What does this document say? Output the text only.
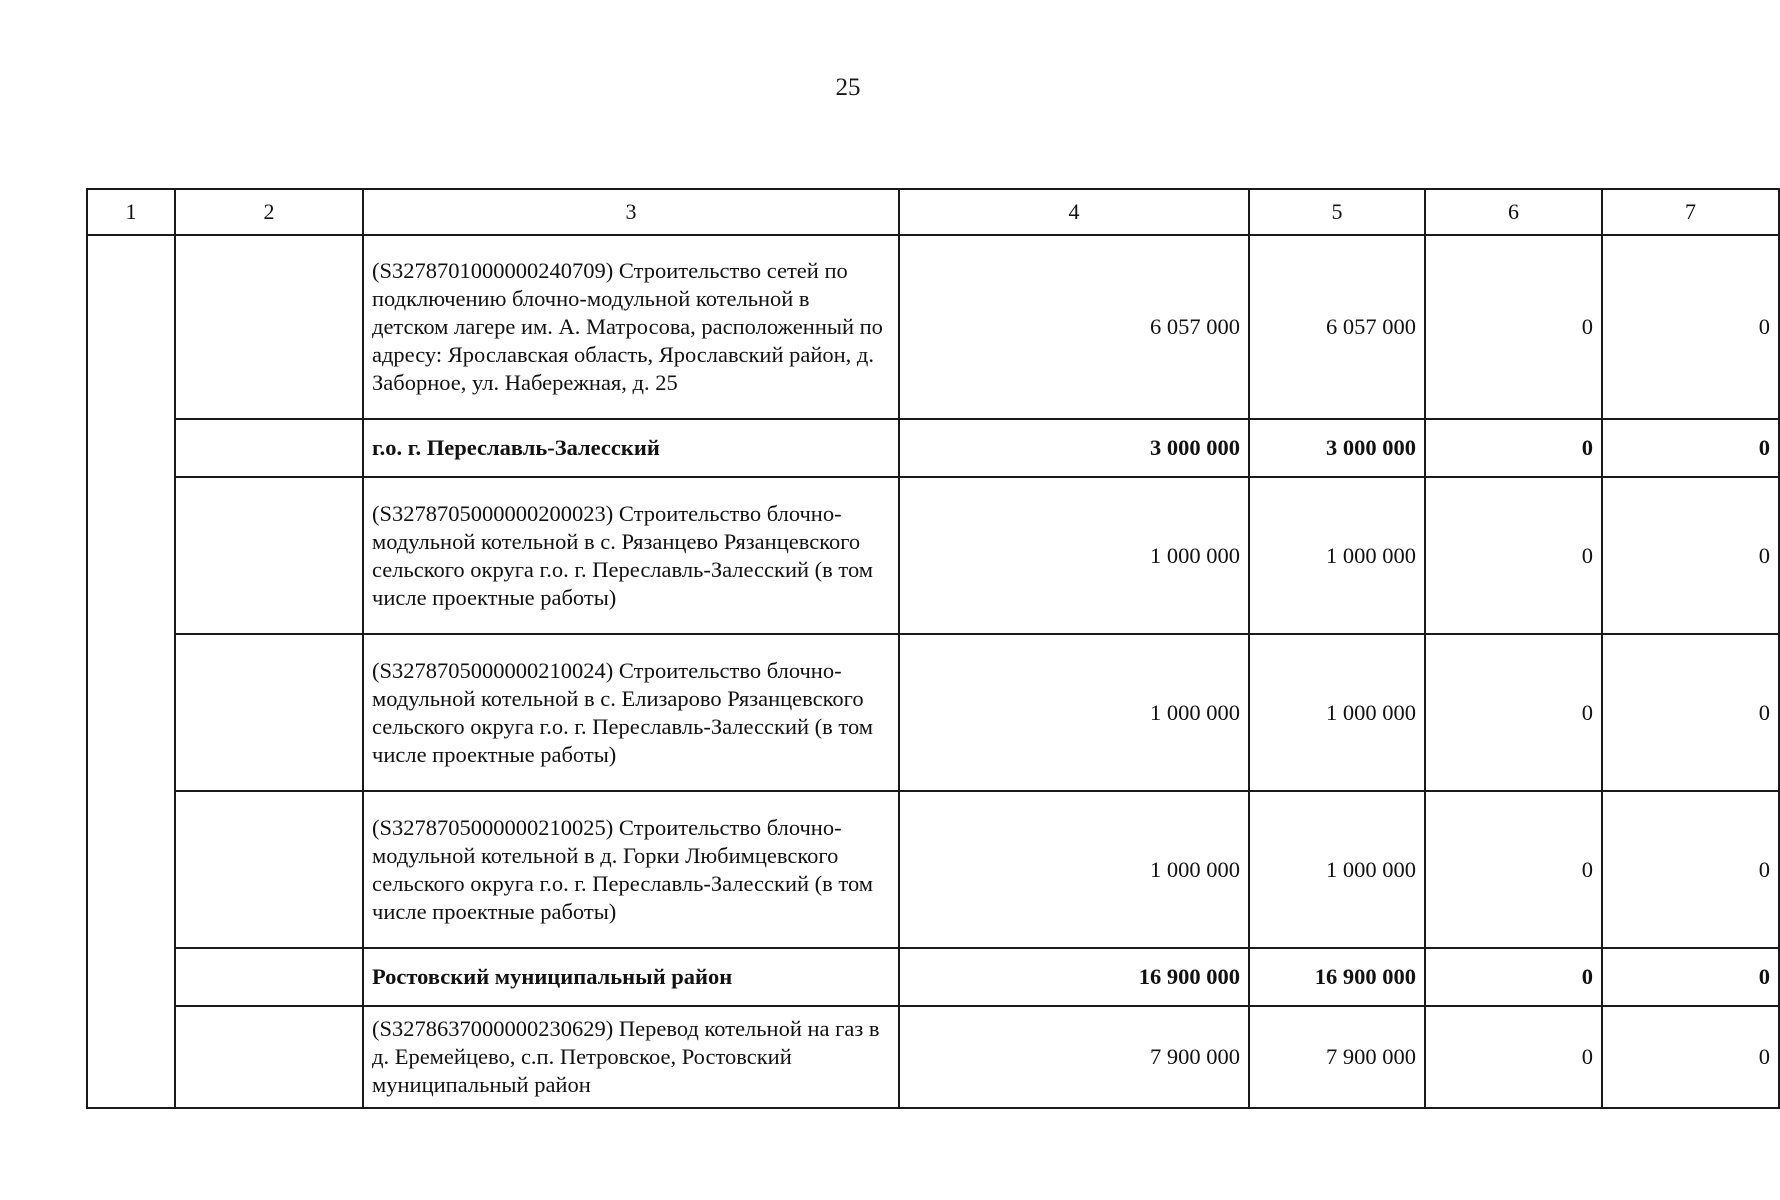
25
1	2	3	4	5	6	7
		(S3278701000000240709) Строительство сетей по подключению блочно-модульной котельной в детском лагере им. А. Матросова, расположенный по адресу: Ярославская область, Ярославский район, д. Заборное, ул. Набережная, д. 25	6 057 000	6 057 000	0	0
		г.о. г. Переславль-Залесский	3 000 000	3 000 000	0	0
		(S3278705000000200023) Строительство блочно-модульной котельной в с. Рязанцево Рязанцевского сельского округа г.о. г. Переславль-Залесский (в том числе проектные работы)	1 000 000	1 000 000	0	0
		(S3278705000000210024) Строительство блочно-модульной котельной в с. Елизарово Рязанцевского сельского округа г.о. г. Переславль-Залесский (в том числе проектные работы)	1 000 000	1 000 000	0	0
		(S3278705000000210025) Строительство блочно-модульной котельной в д. Горки Любимцевского сельского округа г.о. г. Переславль-Залесский (в том числе проектные работы)	1 000 000	1 000 000	0	0
		Ростовский муниципальный район	16 900 000	16 900 000	0	0
		(S3278637000000230629) Перевод котельной на газ в д. Еремейцево, с.п. Петровское, Ростовский муниципальный район	7 900 000	7 900 000	0	0
